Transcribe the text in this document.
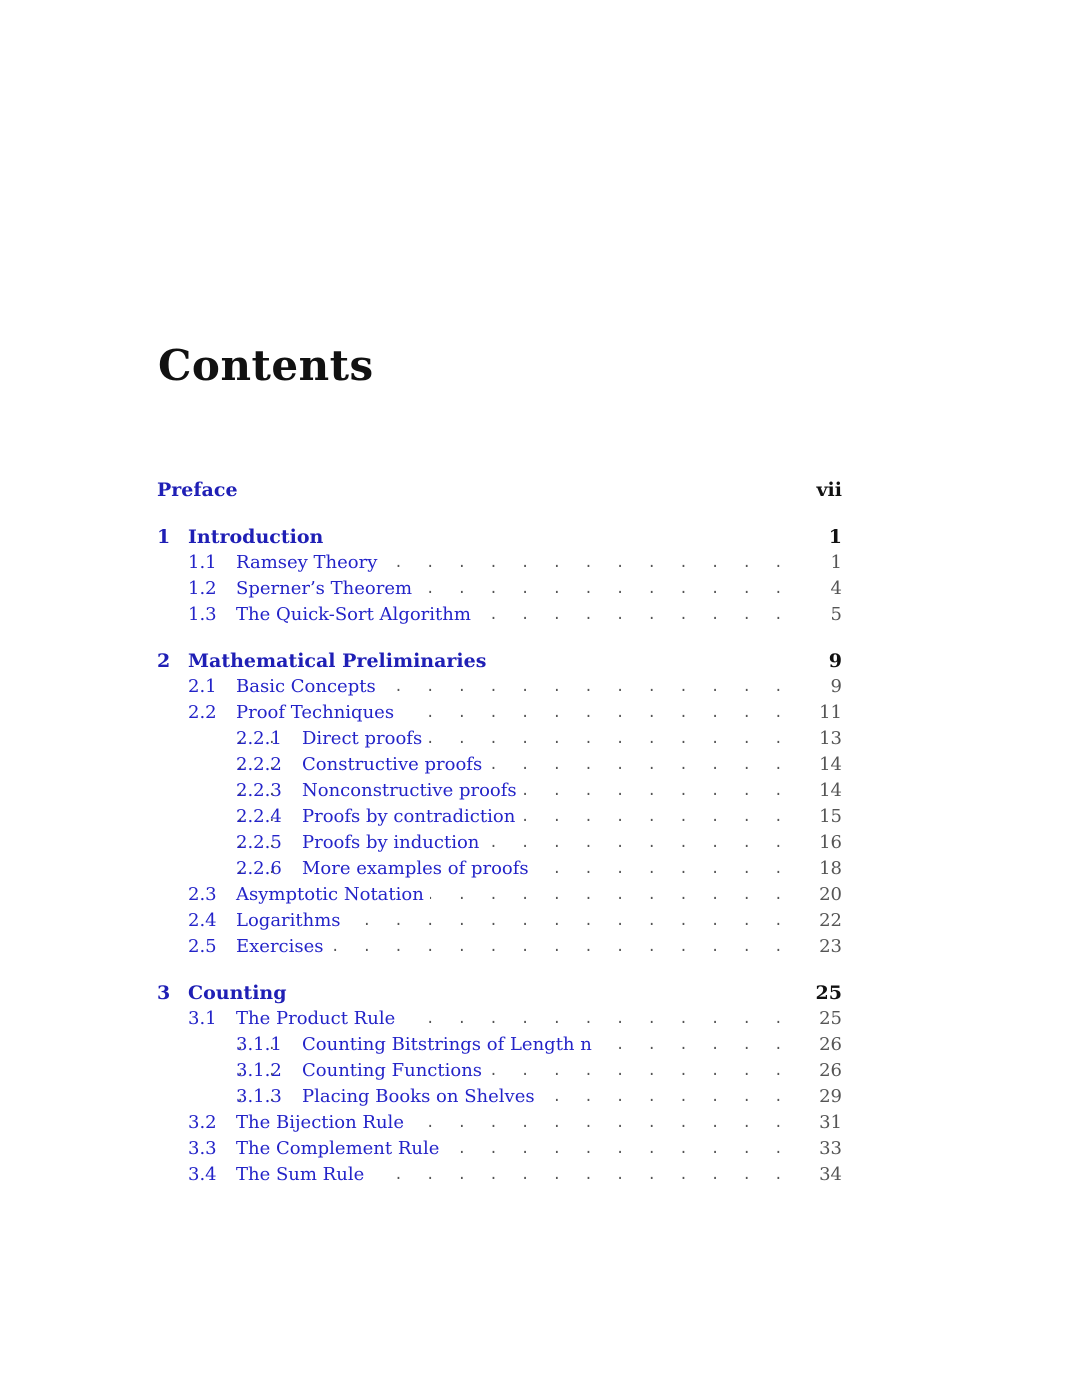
Contents
Preface	vii
1 Introduction	1
1.1 Ramsey Theory . . .	1
1.2 Sperner’s Theorem . . .	4
1.3 The Quick-Sort Algorithm . . .	5
2 Mathematical Preliminaries	9
2.1 Basic Concepts . . .	9
2.2 Proof Techniques . . .	11
2.2.1 Direct proofs . . .	13
2.2.2 Constructive proofs . . .	14
2.2.3 Nonconstructive proofs . . .	14
2.2.4 Proofs by contradiction . . .	15
2.2.5 Proofs by induction . . .	16
2.2.6 More examples of proofs . . .	18
2.3 Asymptotic Notation . . .	20
2.4 Logarithms . . .	22
2.5 Exercises . . .	23
3 Counting	25
3.1 The Product Rule . . .	25
3.1.1 Counting Bitstrings of Length n . . .	26
3.1.2 Counting Functions . . .	26
3.1.3 Placing Books on Shelves . . .	29
3.2 The Bijection Rule . . .	31
3.3 The Complement Rule . . .	33
3.4 The Sum Rule . . .	34
